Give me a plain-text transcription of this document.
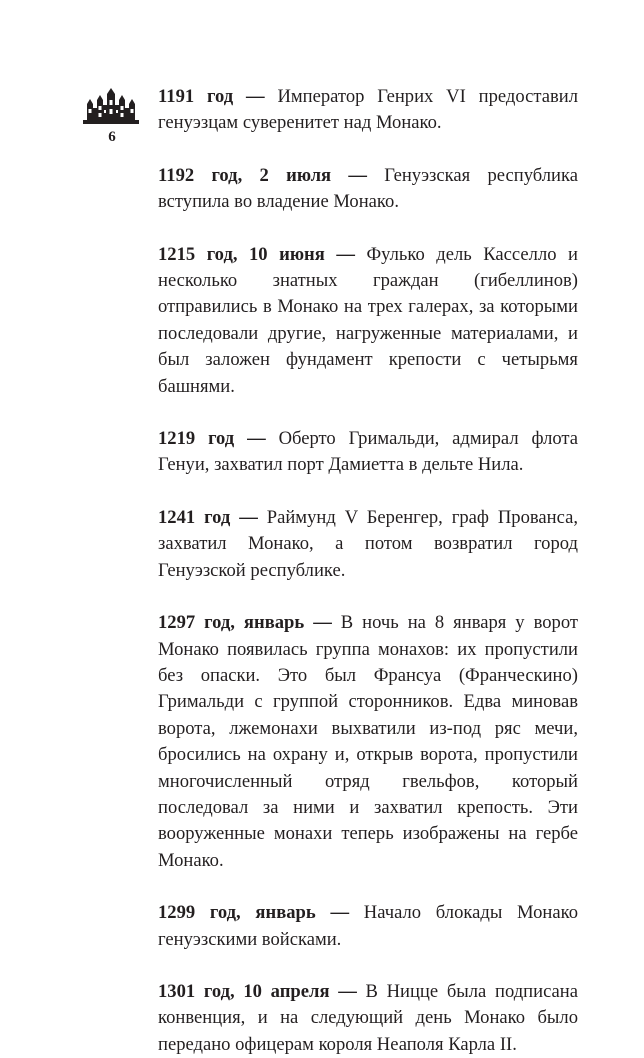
6

1191 год — Император Генрих VI предоставил генуэзцам суверенитет над Монако.

1192 год, 2 июля — Генуэзская республика вступила во владение Монако.

1215 год, 10 июня — Фулько дель Касселло и несколько знатных граждан (гибеллинов) отправились в Монако на трех галерах, за которыми последовали другие, нагруженные материалами, и был заложен фундамент крепости с четырьмя башнями.

1219 год — Оберто Гримальди, адмирал флота Генуи, захватил порт Дамиетта в дельте Нила.

1241 год — Раймунд V Беренгер, граф Прованса, захватил Монако, а потом возвратил город Генуэзской республике.

1297 год, январь — В ночь на 8 января у ворот Монако появилась группа монахов: их пропустили без опаски. Это был Франсуа (Франческино) Гримальди с группой сторонников. Едва миновав ворота, лжемонахи выхватили из-под ряс мечи, бросились на охрану и, открыв ворота, пропустили многочисленный отряд гвельфов, который последовал за ними и захватил крепость. Эти вооруженные монахи теперь изображены на гербе Монако.

1299 год, январь — Начало блокады Монако генуэзскими войсками.

1301 год, 10 апреля — В Ницце была подписана конвенция, и на следующий день Монако было передано офицерам короля Неаполя Карла II.
